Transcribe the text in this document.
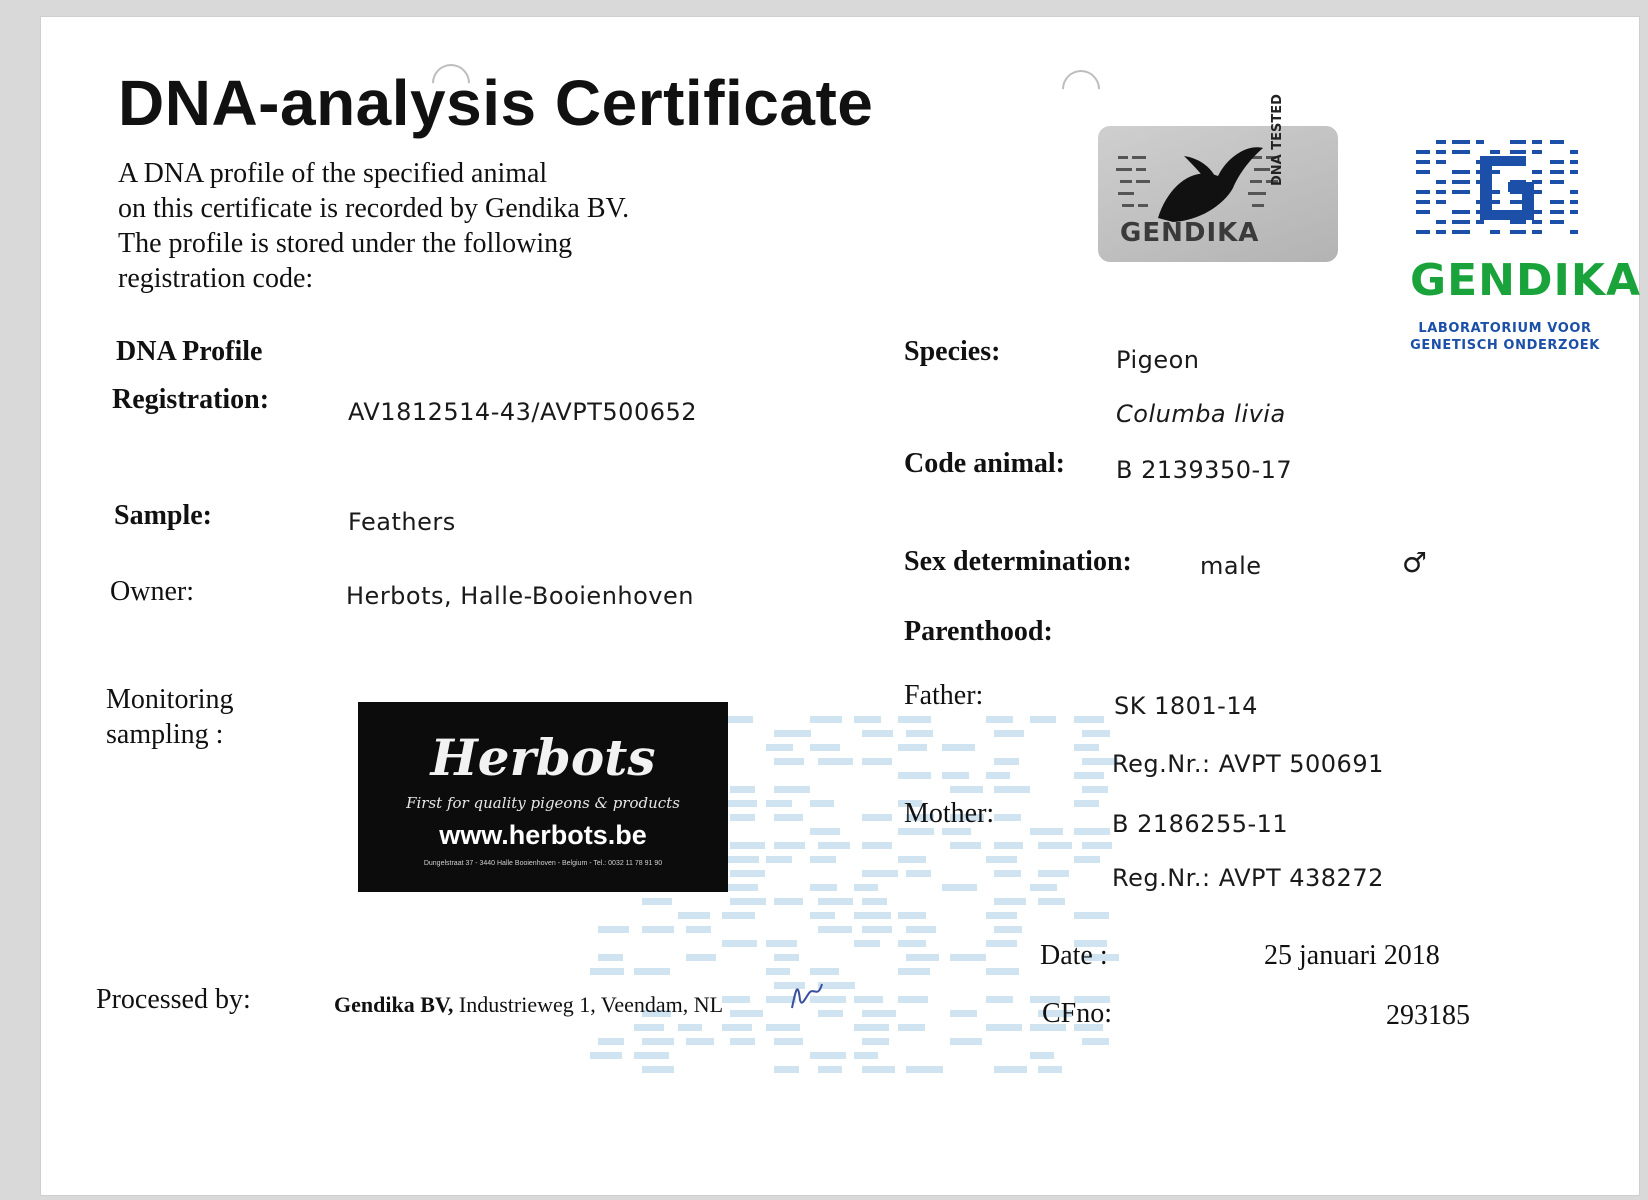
DNA-analysis Certificate
A DNA profile of the specified animal
on this certificate is recorded by Gendika BV.
The profile is stored under the following
registration code:
GENDIKA
DNA TESTED
GENDIKA
LABORATORIUM VOOR
GENETISCH ONDERZOEK
DNA Profile
Registration:	AV1812514-43/AVPT500652
Sample:	Feathers
Owner:	Herbots, Halle-Booienhoven
Monitoring
sampling :	Herbots
First for quality pigeons & products
www.herbots.be
Dungelstraat 37 - 3440 Halle Booienhoven - Belgium - Tel.: 0032 11 78 91 90
Species:	Pigeon
Columba livia
Code animal: B 2139350-17
Sex determination:	male	♂
Parenthood:
Father:	SK 1801-14
Reg.Nr.: AVPT 500691
Mother:	B 2186255-11
Reg.Nr.: AVPT 438272
Date :	25 januari 2018
Processed by:	Gendika BV, Industrieweg 1, Veendam, NL	CFno:	293185
